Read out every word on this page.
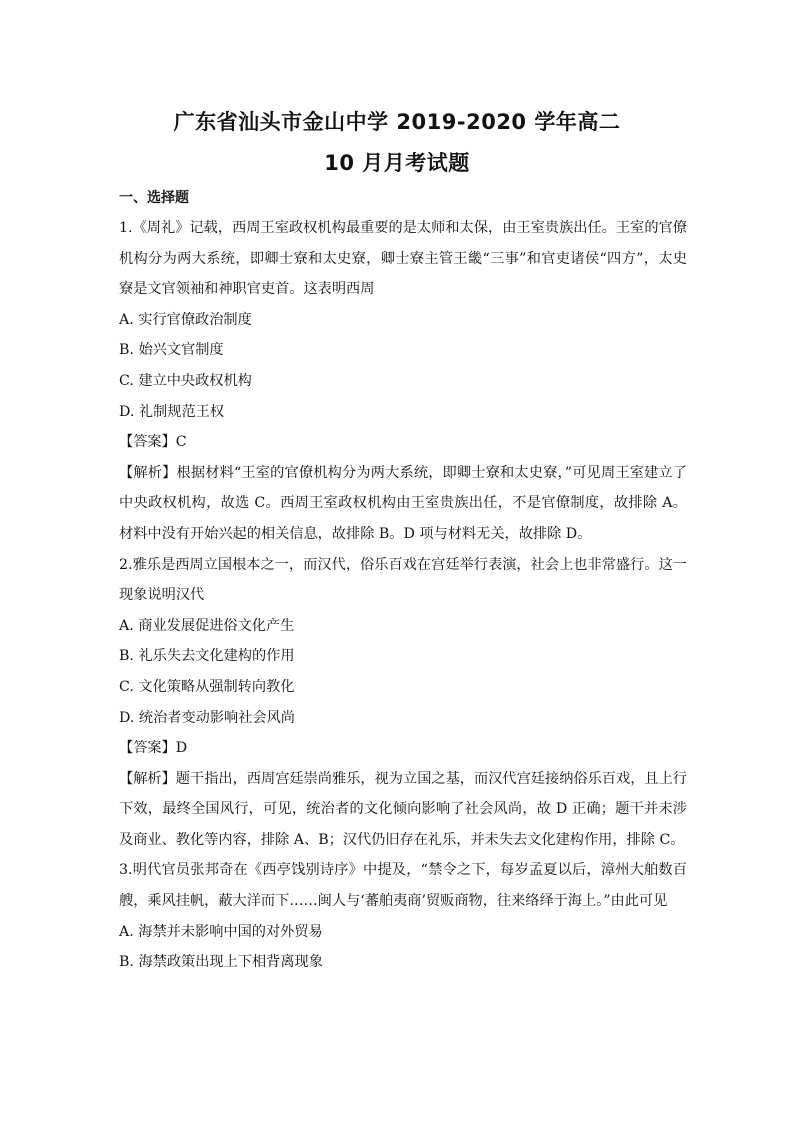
广东省汕头市金山中学 2019-2020 学年高二
10 月月考试题
一、选择题

1.《周礼》记载，西周王室政权机构最重要的是太师和太保，由王室贵族出任。王室的官僚机构分为两大系统，即卿士寮和太史寮，卿士寮主管王畿“三事”和官吏诸侯“四方”，太史寮是文官领袖和神职官吏首。这表明西周

A. 实行官僚政治制度

B. 始兴文官制度

C. 建立中央政权机构

D. 礼制规范王权

【答案】C

【解析】根据材料“王室的官僚机构分为两大系统，即卿士寮和太史寮，”可见周王室建立了中央政权机构，故选 C。西周王室政权机构由王室贵族出任，不是官僚制度，故排除 A。材料中没有开始兴起的相关信息，故排除 B。D 项与材料无关，故排除 D。

2.雅乐是西周立国根本之一，而汉代，俗乐百戏在宫廷举行表演，社会上也非常盛行。这一现象说明汉代

A. 商业发展促进俗文化产生

B. 礼乐失去文化建构的作用

C. 文化策略从强制转向教化

D. 统治者变动影响社会风尚

【答案】D

【解析】题干指出，西周宫廷崇尚雅乐，视为立国之基，而汉代宫廷接纳俗乐百戏，且上行下效，最终全国风行，可见，统治者的文化倾向影响了社会风尚，故 D 正确；题干并未涉及商业、教化等内容，排除 A、B；汉代仍旧存在礼乐，并未失去文化建构作用，排除 C。

3.明代官员张邦奇在《西亭饯别诗序》中提及，“禁令之下，每岁孟夏以后，漳州大舶数百艘，乘风挂帆，蔽大洋而下……闽人与‘蕃舶夷商’贸贩商物，往来络绎于海上。”由此可见

A. 海禁并未影响中国的对外贸易

B. 海禁政策出现上下相背离现象
